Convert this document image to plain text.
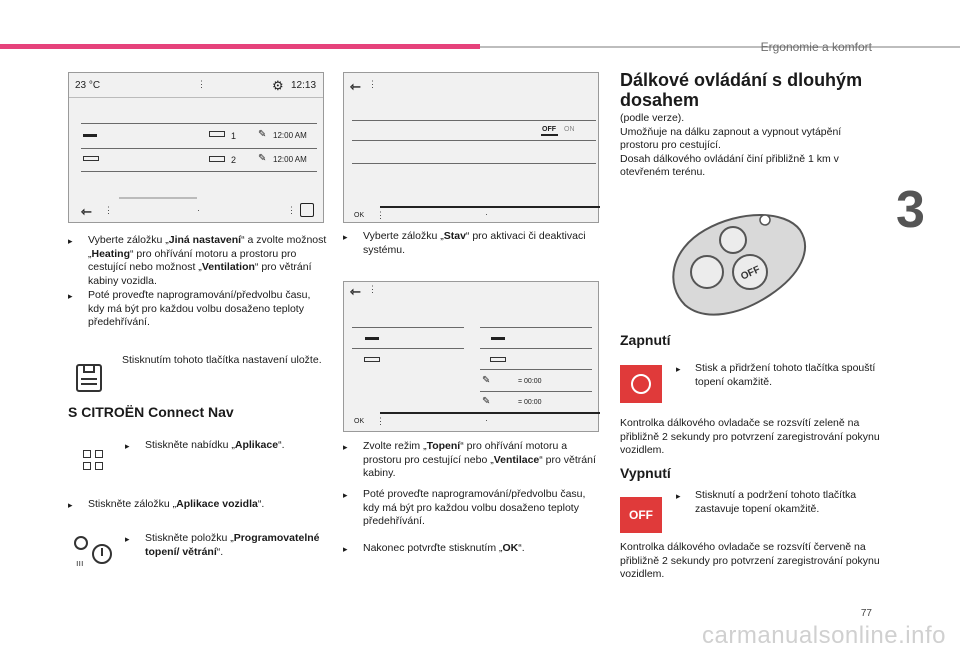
Ergonomie a komfort
3
23 °C	⋮	⚙ 12:13
1 ✎ 12:00 AM
2 ✎ 12:00 AM
⇽ ⋮	·	⋮
⇽ ⋮
OFF ON
OK ⋮	·
⇽ ⋮
✎	= 00:00
✎	= 00:00
OK ⋮	·
▸ Vyberte záložku „Jiná nastavení“ a zvolte možnost „Heating“ pro ohřívání motoru a prostoru pro cestující nebo možnost „Ventilation“ pro větrání kabiny vozidla.
▸ Poté proveďte naprogramování/předvolbu času, kdy má být pro každou volbu dosaženo teploty předehřívání.
Stisknutím tohoto tlačítka nastavení uložte.
S CITROËN Connect Nav
▸ Stiskněte nabídku „Aplikace“.
▸ Stiskněte záložku „Aplikace vozidla“.
ııı
▸ Stiskněte položku „Programovatelné topení/ větrání“.
▸ Vyberte záložku „Stav“ pro aktivaci či deaktivaci systému.
▸ Zvolte režim „Topení“ pro ohřívání motoru a prostoru pro cestující nebo „Ventilace“ pro větrání kabiny.
▸ Poté proveďte naprogramování/předvolbu času, kdy má být pro každou volbu dosaženo teploty předehřívání.
▸ Nakonec potvrďte stisknutím „OK“.
Dálkové ovládání s dlouhým dosahem
(podle verze).
Umožňuje na dálku zapnout a vypnout vytápění prostoru pro cestující.
Dosah dálkového ovládání činí přibližně 1 km v otevřeném terénu.
OFF
Zapnutí
▸ Stisk a přidržení tohoto tlačítka spouští topení okamžitě.
Kontrolka dálkového ovladače se rozsvítí zeleně na přibližně 2 sekundy pro potvrzení zaregistrování pokynu vozidlem.
Vypnutí
OFF
▸ Stisknutí a podržení tohoto tlačítka zastavuje topení okamžitě.
Kontrolka dálkového ovladače se rozsvítí červeně na přibližně 2 sekundy pro potvrzení zaregistrování pokynu vozidlem.
77
carmanualsonline.info
